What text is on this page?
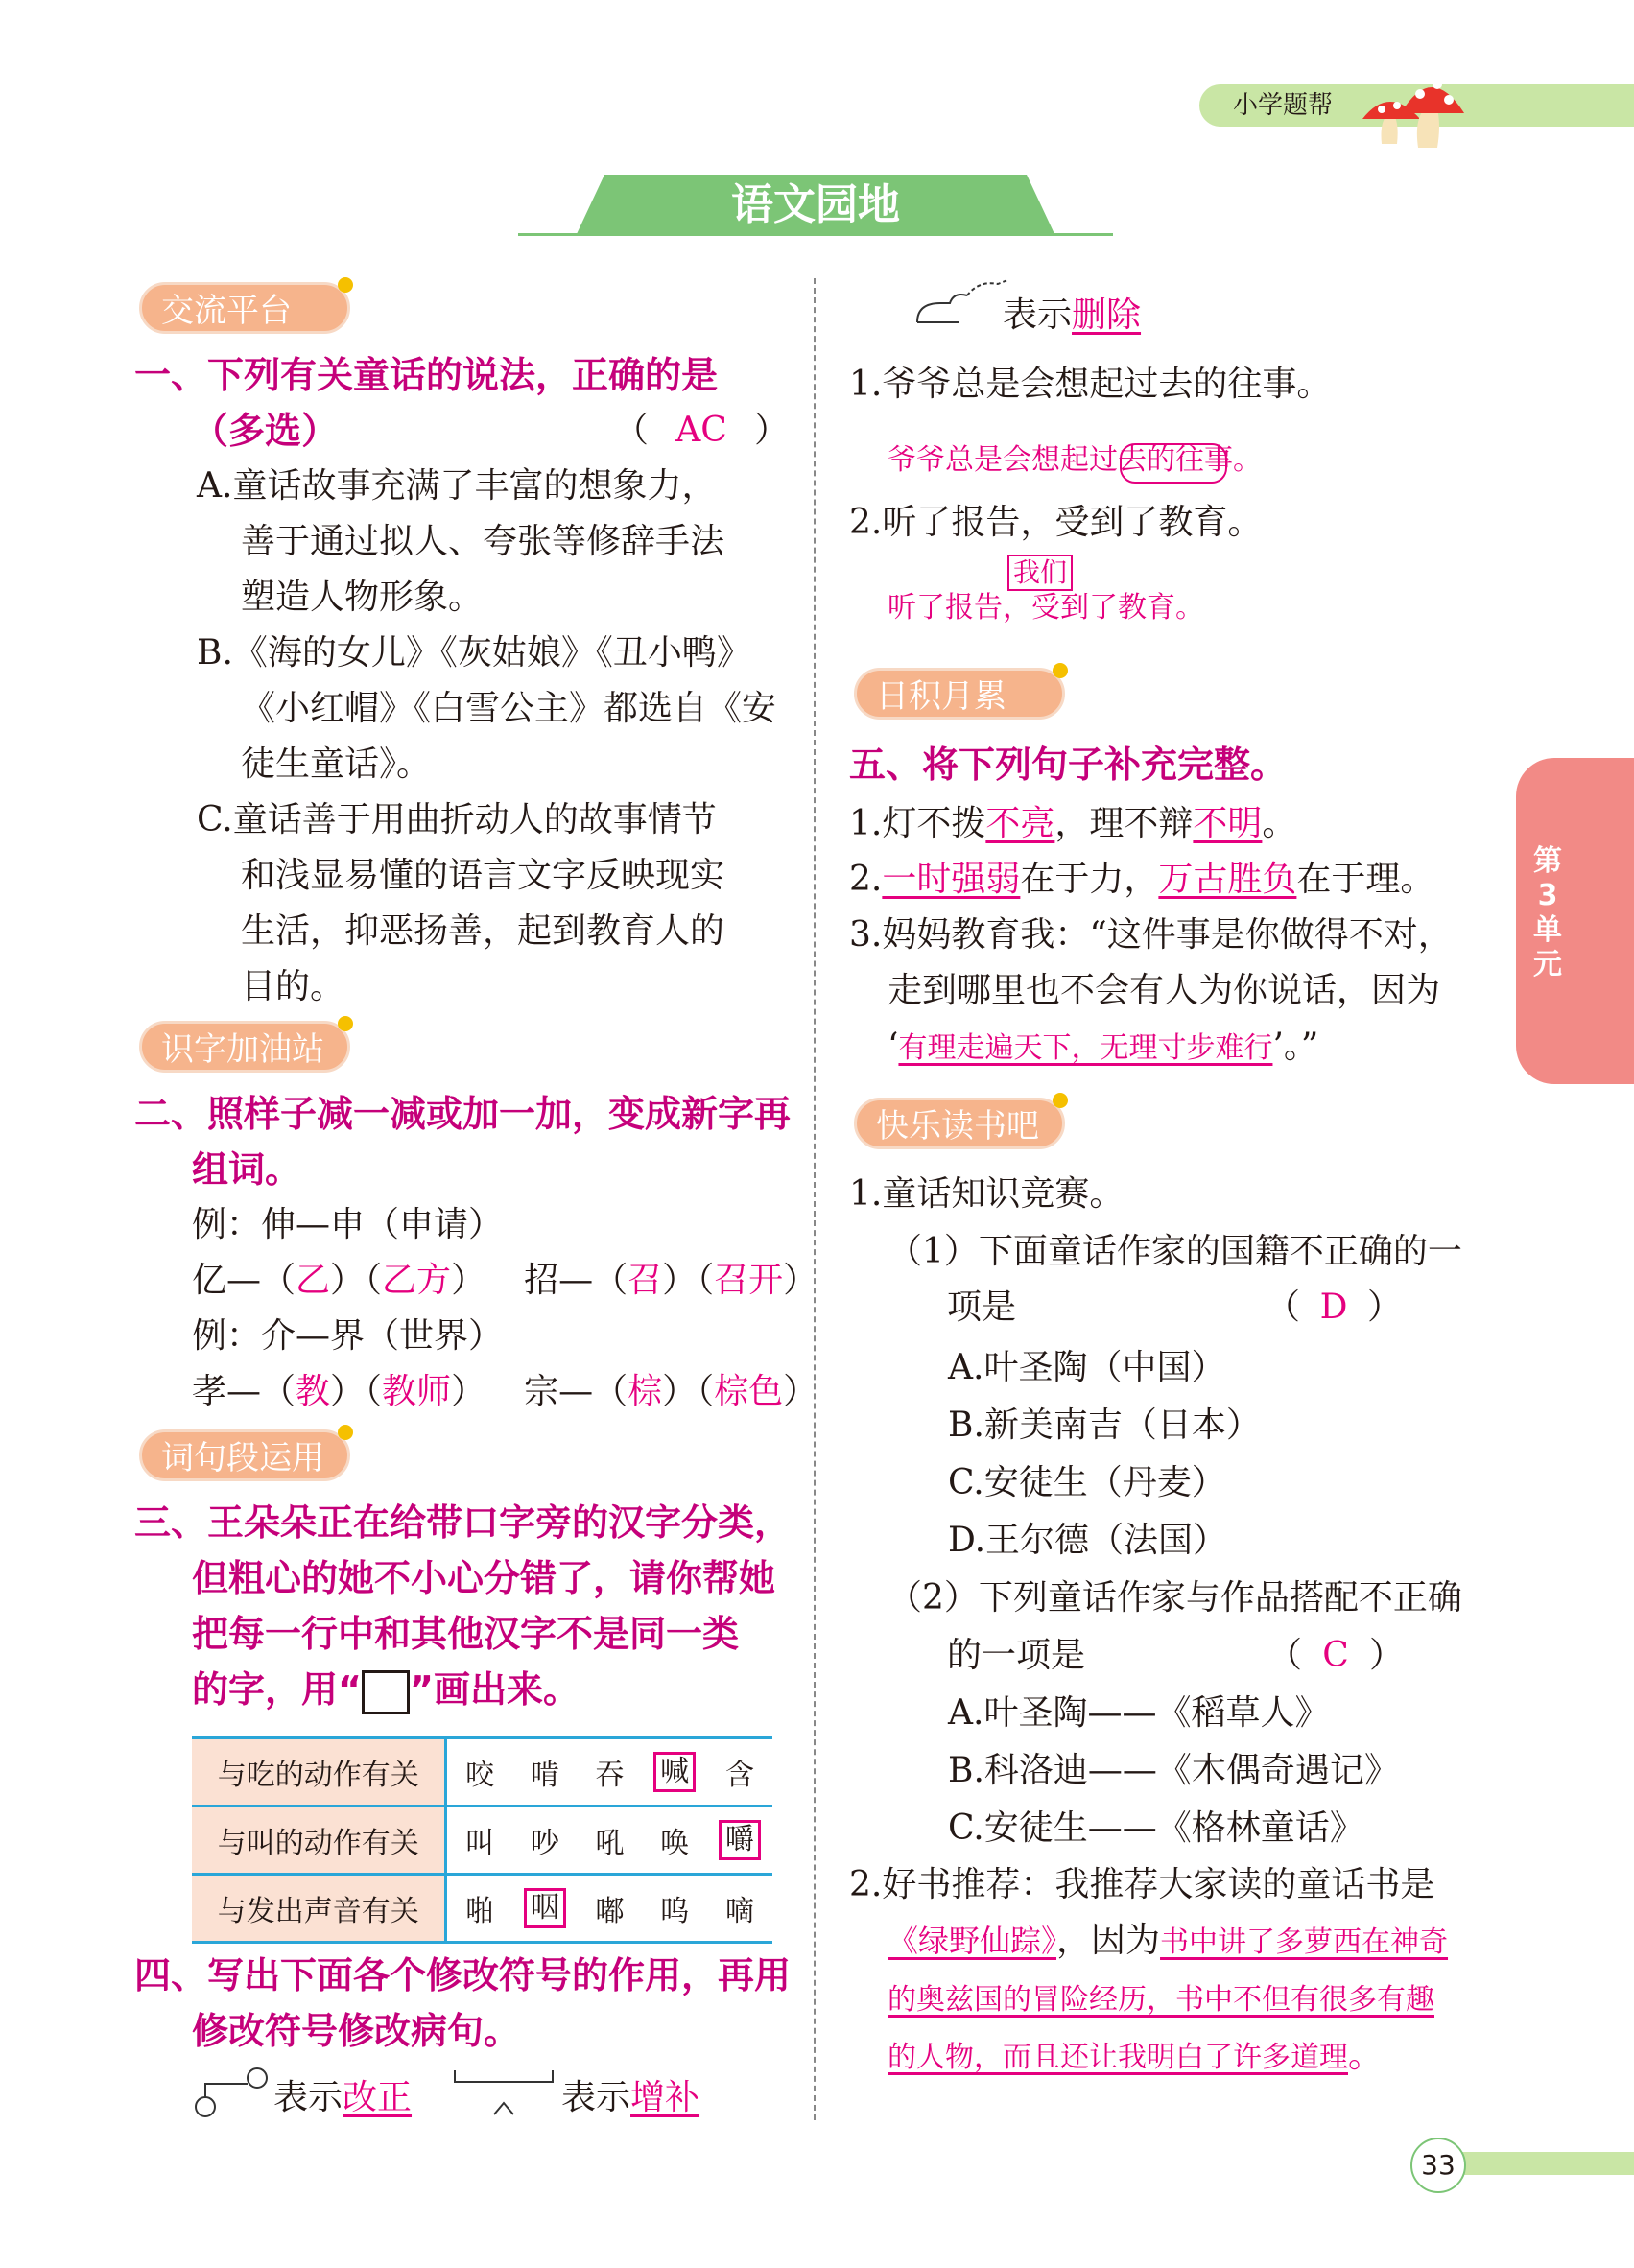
小学题帮
语文园地
第
3
单
元
交流平台
一、下列有关童话的说法，正确的是
（多选）	（ AC ）
A.童话故事充满了丰富的想象力，
善于通过拟人、夸张等修辞手法
塑造人物形象。
B.《海的女儿》《灰姑娘》《丑小鸭》
《小红帽》《白雪公主》都选自《安
徒生童话》。
C.童话善于用曲折动人的故事情节
和浅显易懂的语言文字反映现实
生活，抑恶扬善，起到教育人的
目的。
识字加油站
二、照样子减一减或加一加，变成新字再
组词。
例：伸—申（申请）
亿—（乙）（乙方） 招—（召）（召开）
例：介—界（世界）
孝—（教）（教师） 宗—（棕）（棕色）
词句段运用
三、王朵朵正在给带口字旁的汉字分类，
但粗心的她不小心分错了，请你帮她
把每一行中和其他汉字不是同一类
的字，用“ ”画出来。
与吃的动作有关	咬	啃	吞	喊	含
与叫的动作有关	叫	吵	吼	唤	嚼
与发出声音有关	啪	咽	嘟	呜	嘀
四、写出下面各个修改符号的作用，再用
修改符号修改病句。
表示改正	表示增补
表示删除
1.爷爷总是会想起过去的往事。
爷爷总是会想起过去的往事。
2.听了报告，受到了教育。
我们
听了报告，受到了教育。
日积月累
五、将下列句子补充完整。
1.灯不拨不亮，理不辩不明。
2.一时强弱在于力，万古胜负在于理。
3.妈妈教育我：“这件事是你做得不对，
走到哪里也不会有人为你说话，因为
‘有理走遍天下，无理寸步难行’。”
快乐读书吧
1.童话知识竞赛。
（1）下面童话作家的国籍不正确的一
项是	（ D ）
A.叶圣陶（中国）
B.新美南吉（日本）
C.安徒生（丹麦）
D.王尔德（法国）
（2）下列童话作家与作品搭配不正确
的一项是	（ C ）
A.叶圣陶——《稻草人》
B.科洛迪——《木偶奇遇记》
C.安徒生——《格林童话》
2.好书推荐：我推荐大家读的童话书是
《绿野仙踪》，因为书中讲了多萝西在神奇
的奥兹国的冒险经历，书中不但有很多有趣
的人物，而且还让我明白了许多道理。
33
